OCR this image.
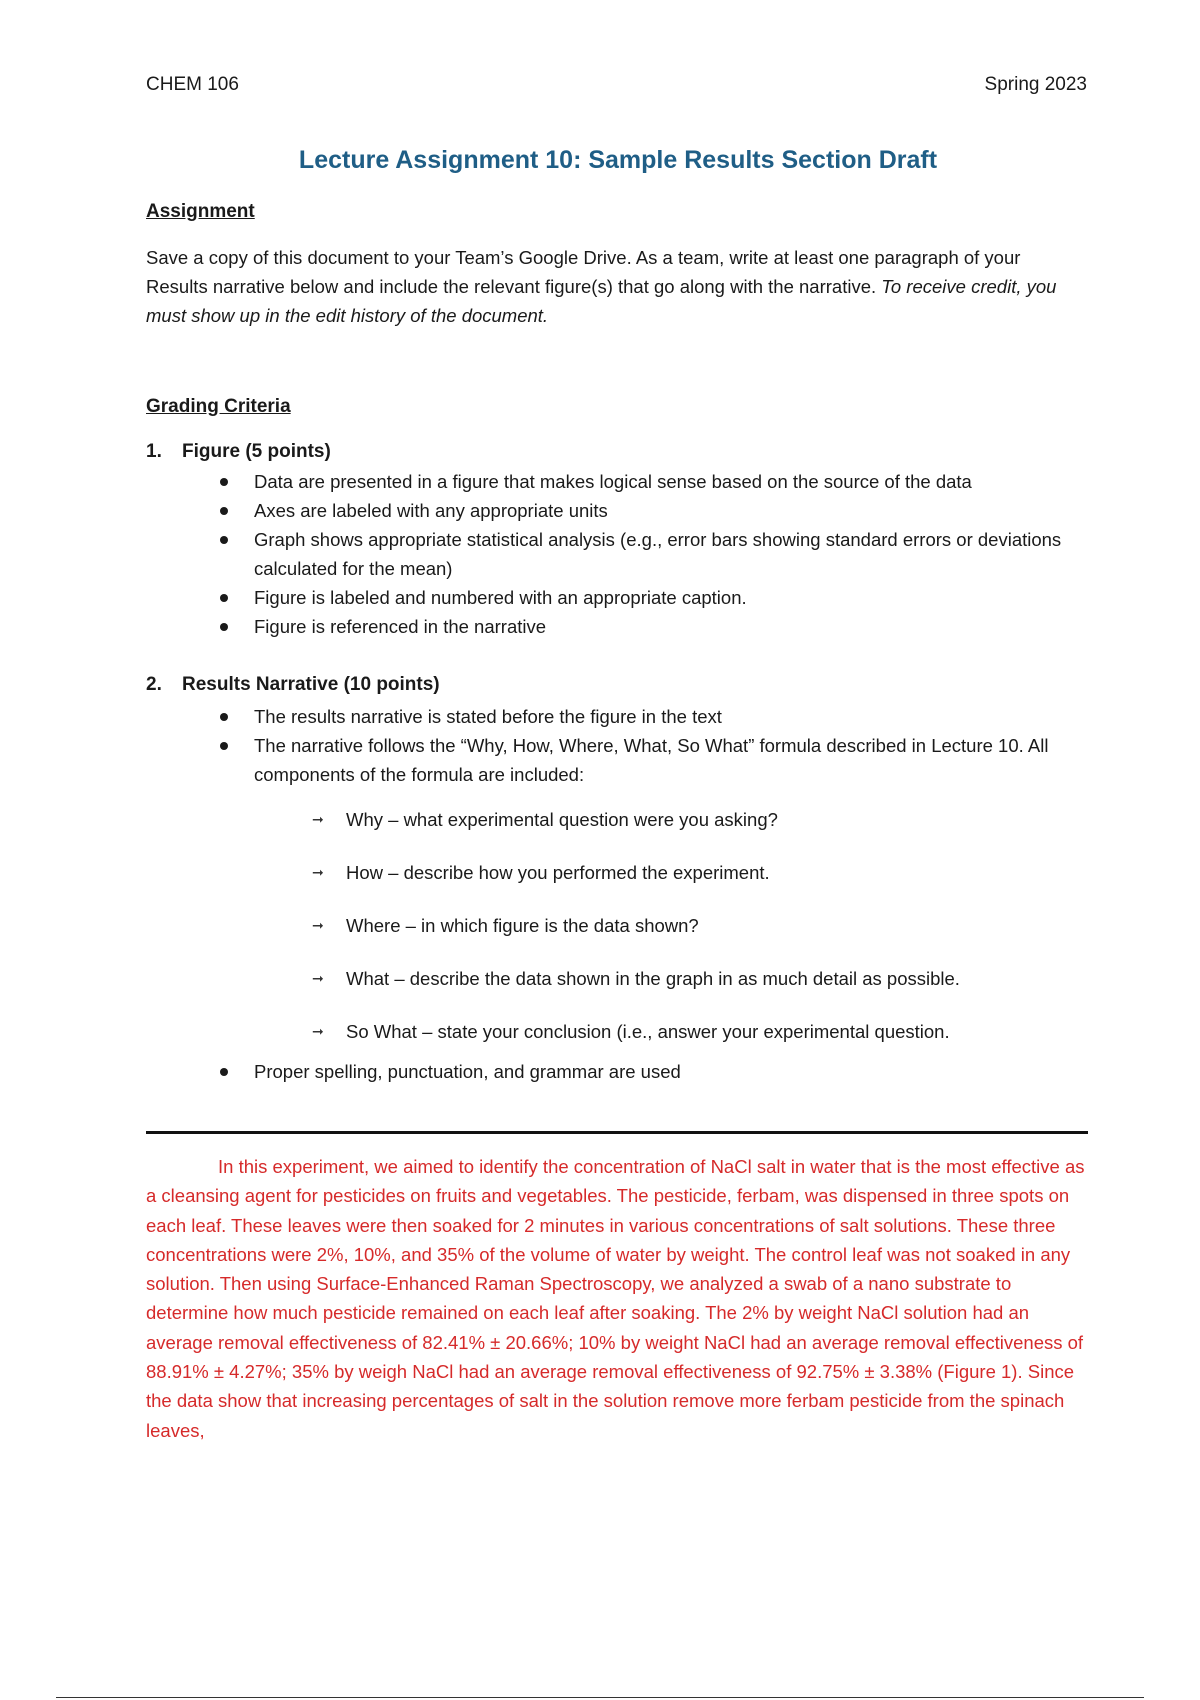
CHEM 106	Spring 2023
Lecture Assignment 10: Sample Results Section Draft
Assignment
Save a copy of this document to your Team’s Google Drive. As a team, write at least one paragraph of your Results narrative below and include the relevant figure(s) that go along with the narrative. To receive credit, you must show up in the edit history of the document.
Grading Criteria
1. Figure (5 points)
Data are presented in a figure that makes logical sense based on the source of the data
Axes are labeled with any appropriate units
Graph shows appropriate statistical analysis (e.g., error bars showing standard errors or deviations calculated for the mean)
Figure is labeled and numbered with an appropriate caption.
Figure is referenced in the narrative
2. Results Narrative (10 points)
The results narrative is stated before the figure in the text
The narrative follows the “Why, How, Where, What, So What” formula described in Lecture 10. All components of the formula are included:
➞ Why – what experimental question were you asking?
➞ How – describe how you performed the experiment.
➞ Where – in which figure is the data shown?
➞ What – describe the data shown in the graph in as much detail as possible.
➞ So What – state your conclusion (i.e., answer your experimental question.
Proper spelling, punctuation, and grammar are used
In this experiment, we aimed to identify the concentration of NaCl salt in water that is the most effective as a cleansing agent for pesticides on fruits and vegetables. The pesticide, ferbam, was dispensed in three spots on each leaf. These leaves were then soaked for 2 minutes in various concentrations of salt solutions. These three concentrations were 2%, 10%, and 35% of the volume of water by weight. The control leaf was not soaked in any solution. Then using Surface-Enhanced Raman Spectroscopy, we analyzed a swab of a nano substrate to determine how much pesticide remained on each leaf after soaking. The 2% by weight NaCl solution had an average removal effectiveness of 82.41% ± 20.66%; 10% by weight NaCl had an average removal effectiveness of 88.91% ± 4.27%; 35% by weigh NaCl had an average removal effectiveness of 92.75% ± 3.38% (Figure 1). Since the data show that increasing percentages of salt in the solution remove more ferbam pesticide from the spinach leaves,
